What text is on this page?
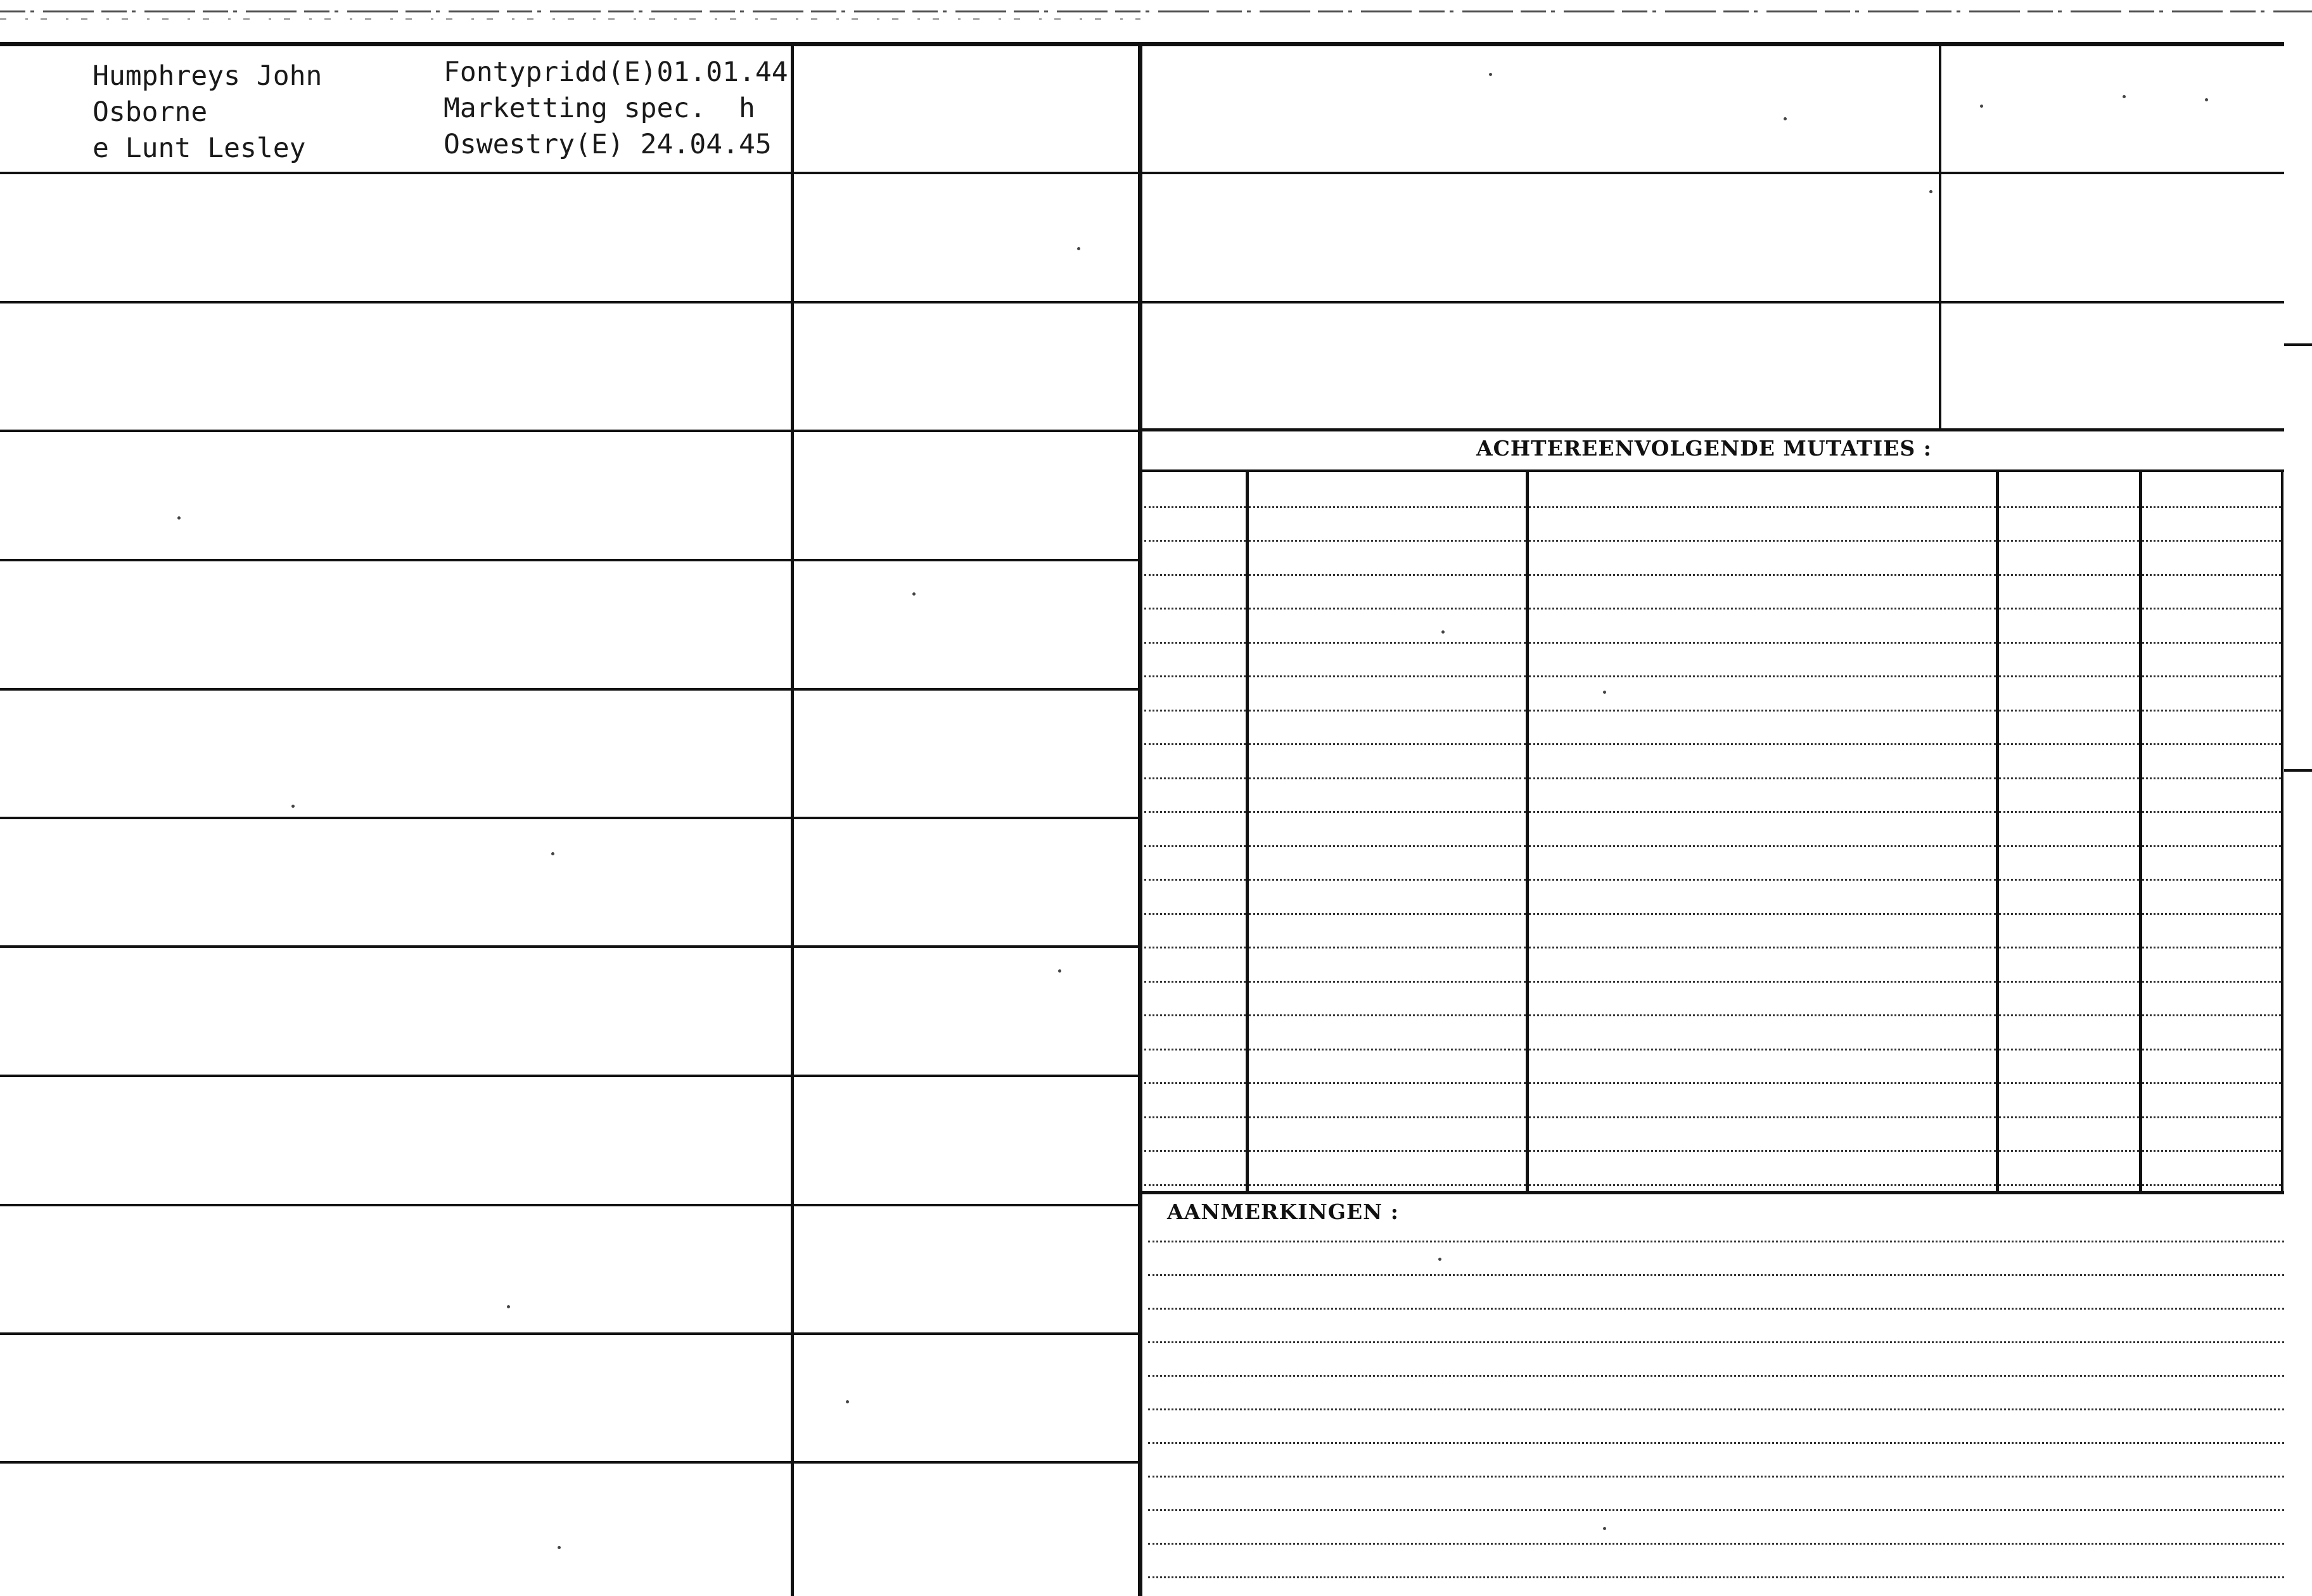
ACHTEREENVOLGENDE MUTATIES :
AANMERKINGEN :
Humphreys John
Osborne
e Lunt Lesley
Fontypridd(E)01.01.44
Marketting spec.  h
Oswestry(E) 24.04.45
